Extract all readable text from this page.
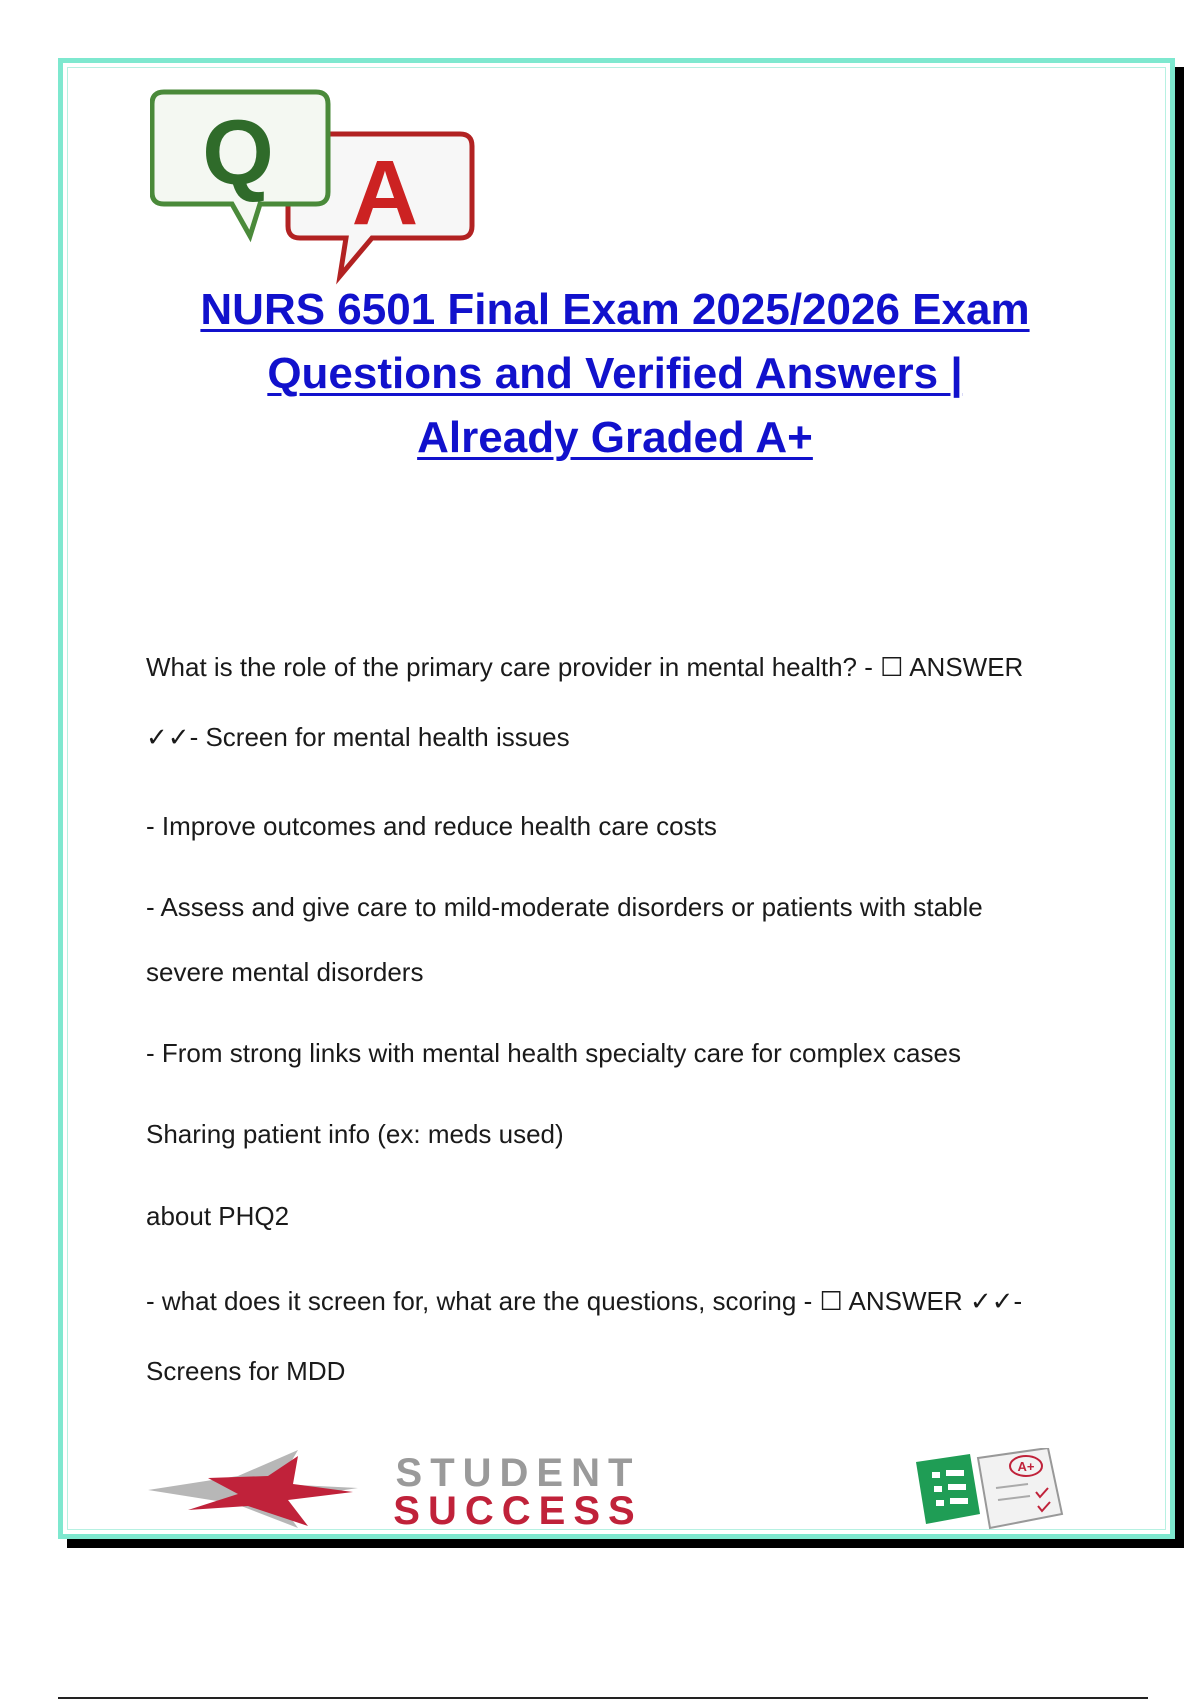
A
Q
NURS 6501 Final Exam 2025/2026 Exam
Questions and Verified Answers |
Already Graded A+
What is the role of the primary care provider in mental health? - ☐ ANSWER
✓✓- Screen for mental health issues
- Improve outcomes and reduce health care costs
- Assess and give care to mild-moderate disorders or patients with stable
severe mental disorders
- From strong links with mental health specialty care for complex cases
Sharing patient info (ex: meds used)
about PHQ2
- what does it screen for, what are the questions, scoring - ☐ ANSWER ✓✓-
Screens for MDD
STUDENT
SUCCESS
A+
